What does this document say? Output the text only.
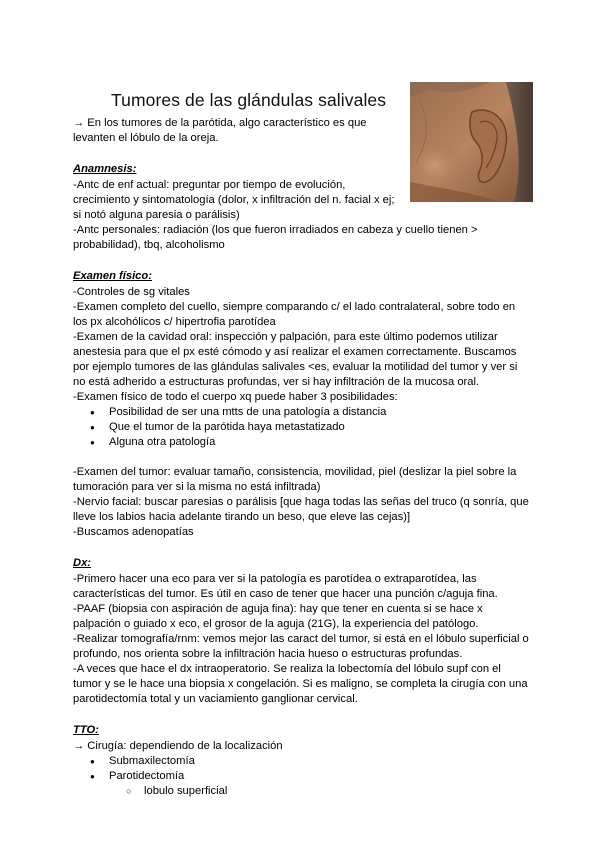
Tumores de las glándulas salivales
→ En los tumores de la parótida, algo característico es que
levanten el lóbulo de la oreja.
Anamnesis:
-Antc de enf actual: preguntar por tiempo de evolución,
crecimiento y sintomatología (dolor, x infiltración del n. facial x ej;
si notó alguna paresia o parálisis)
-Antc personales: radiación (los que fueron irradiados en cabeza y cuello tienen >
probabilidad), tbq, alcoholismo
Examen físico:
-Controles de sg vitales
-Examen completo del cuello, siempre comparando c/ el lado contralateral, sobre todo en
los px alcohólicos c/ hipertrofia parotídea
-Examen de la cavidad oral: inspección y palpación, para este último podemos utilizar
anestesia para que el px esté cómodo y así realizar el examen correctamente. Buscamos
por ejemplo tumores de las glándulas salivales <es, evaluar la motilidad del tumor y ver si
no está adherido a estructuras profundas, ver si hay infiltración de la mucosa oral.
-Examen físico de todo el cuerpo xq puede haber 3 posibilidades:
● Posibilidad de ser una mtts de una patología a distancia
● Que el tumor de la parótida haya metastatizado
● Alguna otra patología
-Examen del tumor: evaluar tamaño, consistencia, movilidad, piel (deslizar la piel sobre la
tumoración para ver si la misma no está infiltrada)
-Nervio facial: buscar paresias o parálisis [que haga todas las señas del truco (q sonría, que
lleve los labios hacia adelante tirando un beso, que eleve las cejas)]
-Buscamos adenopatías
Dx:
-Primero hacer una eco para ver si la patología es parotídea o extraparotídea, las
características del tumor. Es útil en caso de tener que hacer una punción c/aguja fina.
-PAAF (biopsia con aspiración de aguja fina): hay que tener en cuenta si se hace x
palpación o guiado x eco, el grosor de la aguja (21G), la experiencia del patólogo.
-Realizar tomografía/rnm: vemos mejor las caract del tumor, si está en el lóbulo superficial o
profundo, nos orienta sobre la infiltración hacia hueso o estructuras profundas.
-A veces que hace el dx intraoperatorio. Se realiza la lobectomía del lóbulo supf con el
tumor y se le hace una biopsia x congelación. Si es maligno, se completa la cirugía con una
parotidectomía total y un vaciamiento ganglionar cervical.
TTO:
→ Cirugía: dependiendo de la localización
● Submaxilectomía
● Parotidectomía
○ lobulo superficial
